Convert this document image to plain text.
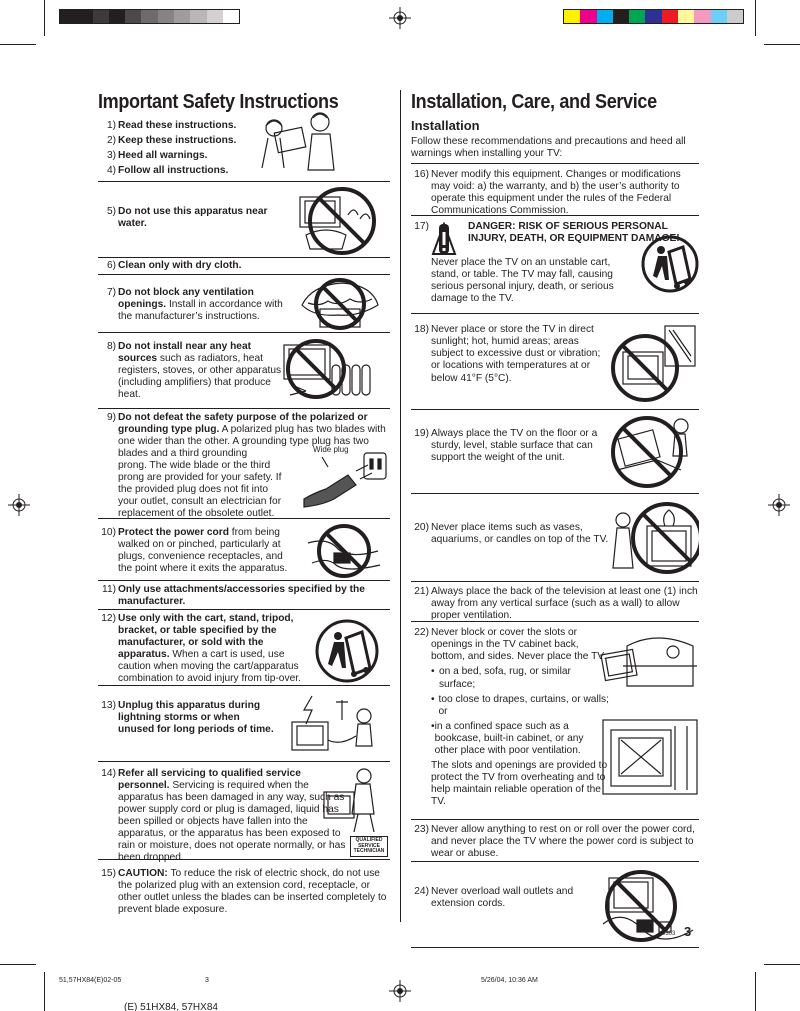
Important Safety Instructions	Installation, Care, and Service
1) Read these instructions.
2) Keep these instructions.
3) Heed all warnings.
4) Follow all instructions.
5) Do not use this apparatus near water.
6) Clean only with dry cloth.
7) Do not block any ventilation openings. Install in accordance with the manufacturer’s instructions.
8) Do not install near any heat sources such as radiators, heat registers, stoves, or other apparatus (including amplifiers) that produce heat.
9) Do not defeat the safety purpose of the polarized or grounding type plug. A polarized plug has two blades with one wider than the other. A grounding type plug has two blades and a third grounding
prong. The wide blade or the third prong are provided for your safety. If the provided plug does not fit into your outlet, consult an electrician for replacement of the obsolete outlet.
Wide plug
10) Protect the power cord from being walked on or pinched, particularly at plugs, convenience receptacles, and the point where it exits the apparatus.
11) Only use attachments/accessories specified by the manufacturer.
12) Use only with the cart, stand, tripod, bracket, or table specified by the manufacturer, or sold with the apparatus. When a cart is used, use caution when moving the cart/apparatus combination to avoid injury from tip-over.
13) Unplug this apparatus during lightning storms or when unused for long periods of time.
14) Refer all servicing to qualified service personnel. Servicing is required when the apparatus has been damaged in any way, such as power supply cord or plug is damaged, liquid has been spilled or objects have fallen into the apparatus, or the apparatus has been exposed to rain or moisture, does not operate normally, or has been dropped.
QUALIFIED SERVICE TECHNICIAN
15) CAUTION: To reduce the risk of electric shock, do not use the polarized plug with an extension cord, receptacle, or other outlet unless the blades can be inserted completely to prevent blade exposure.
Installation
Follow these recommendations and precautions and heed all warnings when installing your TV:
16) Never modify this equipment. Changes or modifications may void: a) the warranty, and b) the user’s authority to operate this equipment under the rules of the Federal Communications Commission.
17)	DANGER: RISK OF SERIOUS PERSONAL INJURY, DEATH, OR EQUIPMENT DAMAGE!
Never place the TV on an unstable cart, stand, or table. The TV may fall, causing serious personal injury, death, or serious damage to the TV.
18) Never place or store the TV in direct sunlight; hot, humid areas; areas subject to excessive dust or vibration; or locations with temperatures at or below 41°F (5°C).
19) Always place the TV on the floor or a sturdy, level, stable surface that can support the weight of the unit.
20) Never place items such as vases, aquariums, or candles on top of the TV.
21) Always place the back of the television at least one (1) inch away from any vertical surface (such as a wall) to allow proper ventilation.
22) Never block or cover the slots or openings in the TV cabinet back, bottom, and sides. Never place the TV:
• on a bed, sofa, rug, or similar surface;
• too close to drapes, curtains, or walls; or
• in a confined space such as a bookcase, built-in cabinet, or any other place with poor ventilation.
The slots and openings are provided to protect the TV from overheating and to help maintain reliable operation of the TV.
23) Never allow anything to rest on or roll over the power cord, and never place the TV where the power cord is subject to wear or abuse.
24) Never overload wall outlets and extension cords.
0303 3
51,57HX84(E)02-05	3	5/26/04, 10:36 AM
(E) 51HX84, 57HX84
